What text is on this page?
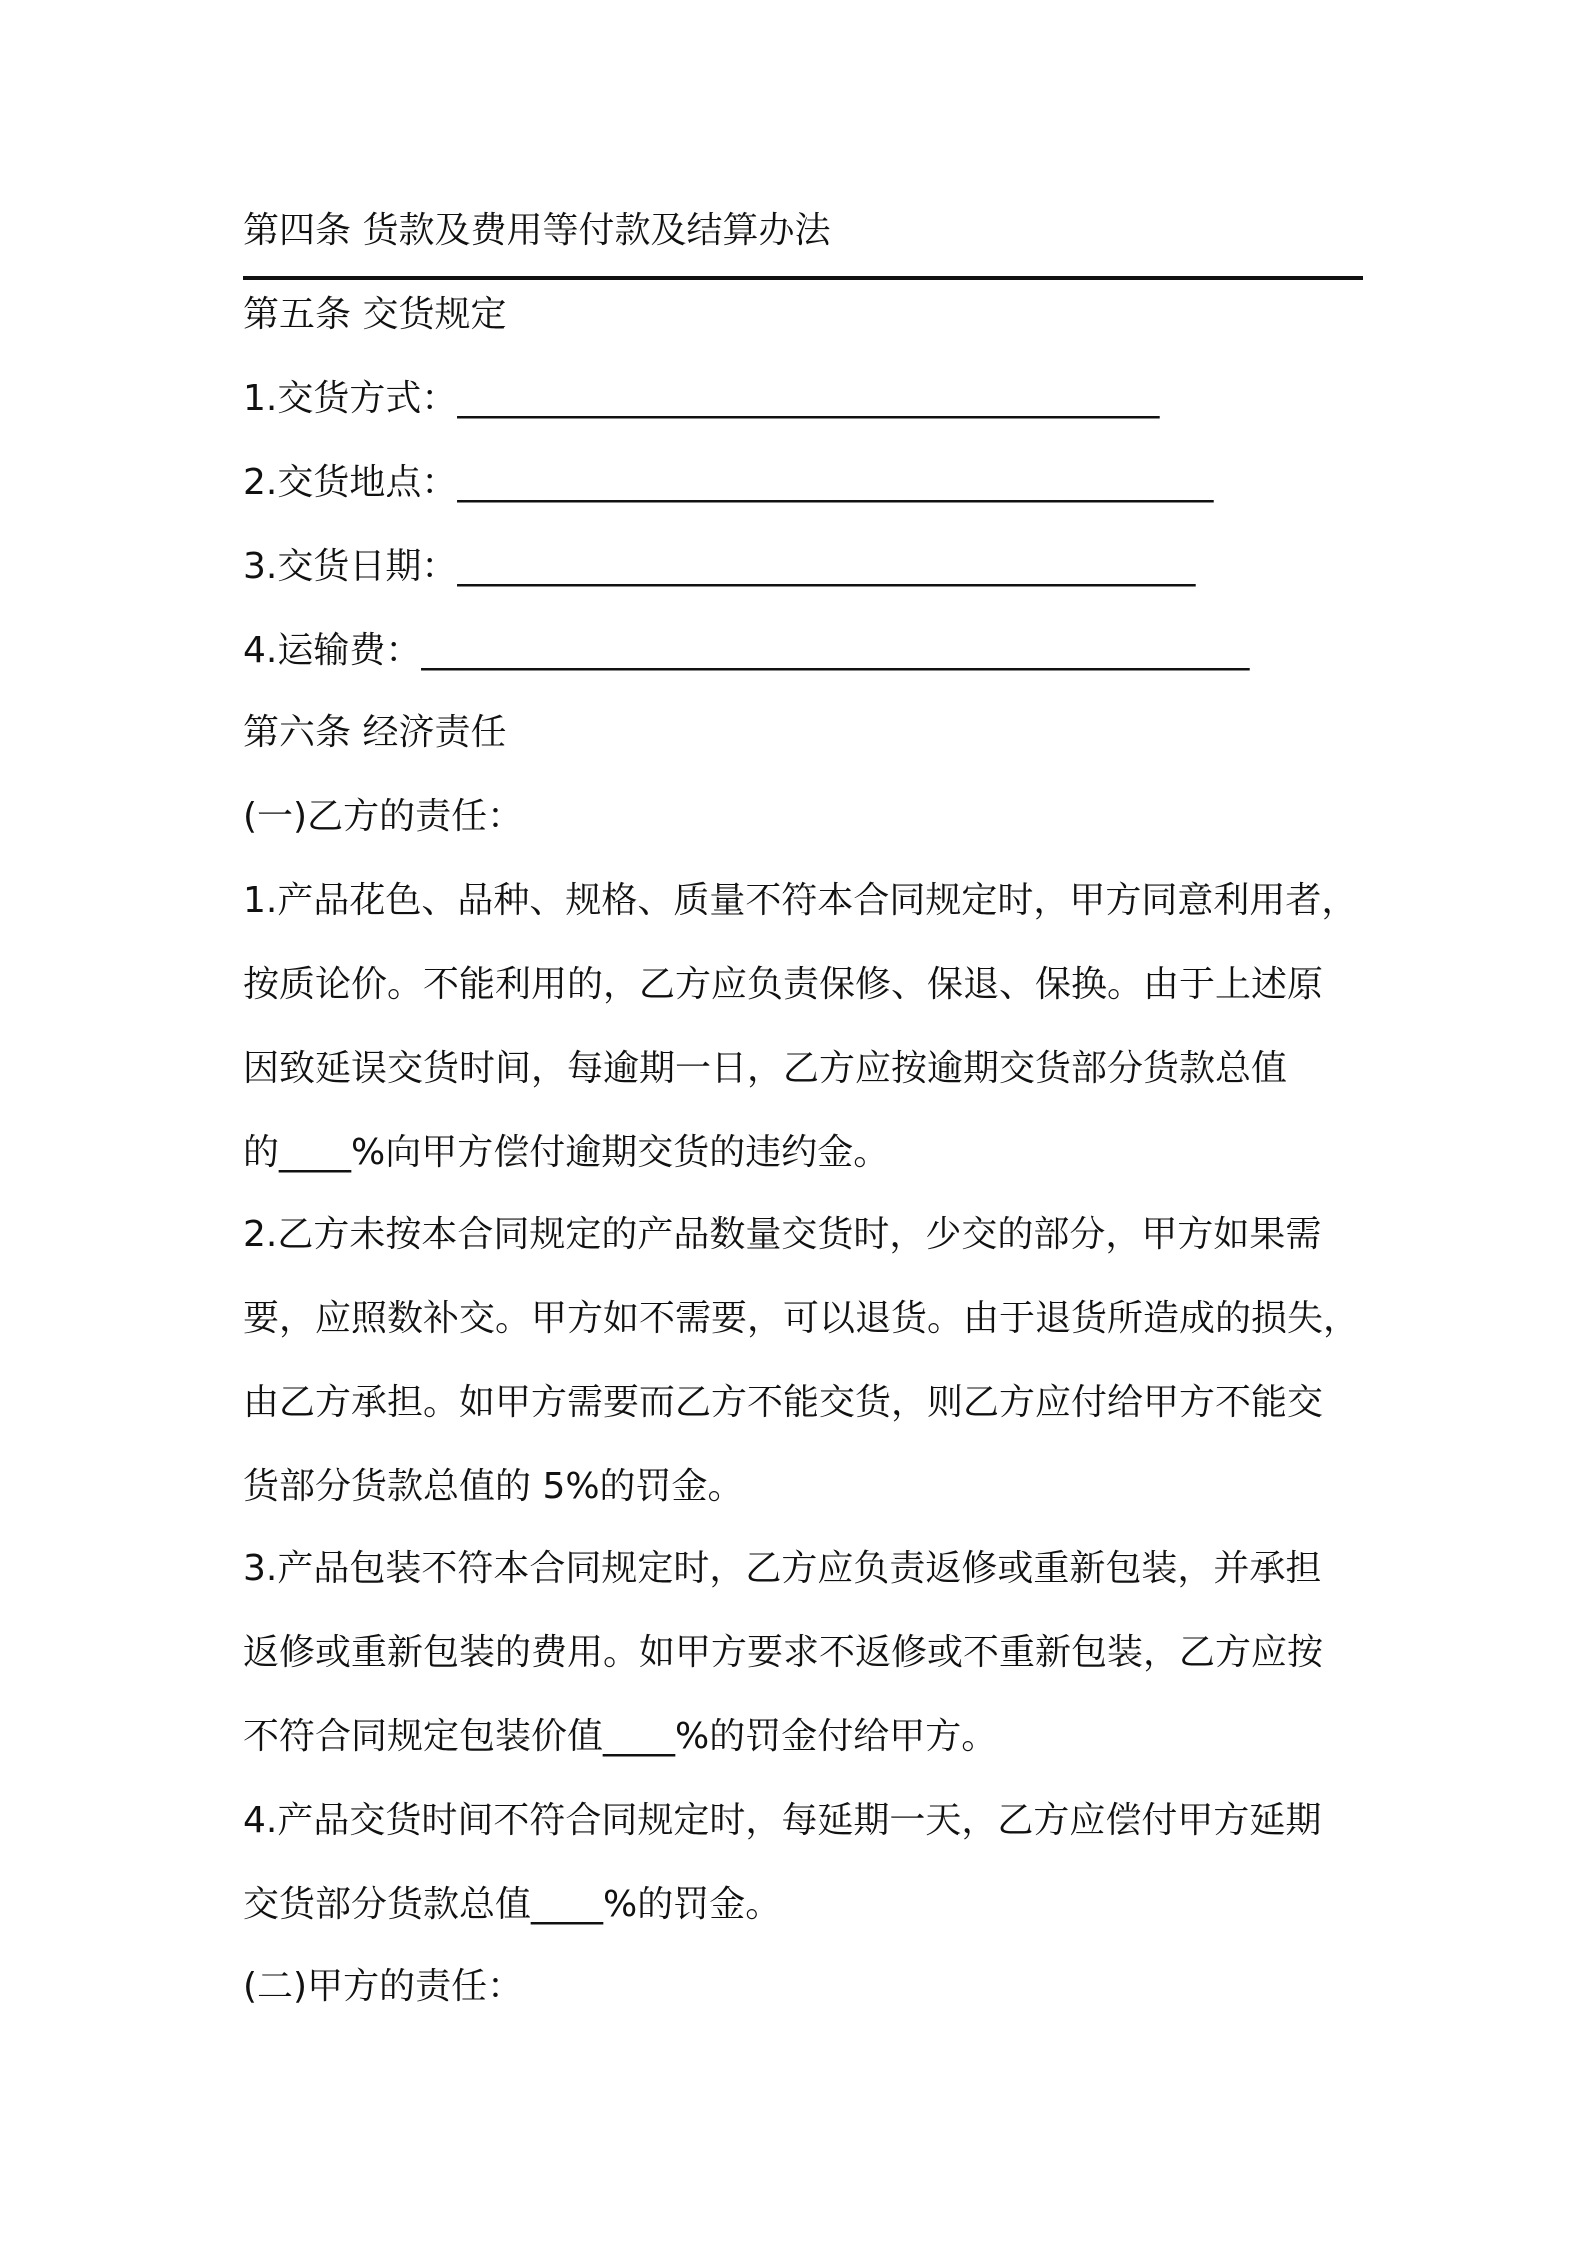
第四条 货款及费用等付款及结算办法
第五条 交货规定
1.交货方式：_______________________________________
2.交货地点：__________________________________________
3.交货日期：_________________________________________
4.运输费：______________________________________________
第六条 经济责任
(一)乙方的责任：
1.产品花色、品种、规格、质量不符本合同规定时，甲方同意利用者，
按质论价。不能利用的，乙方应负责保修、保退、保换。由于上述原
因致延误交货时间，每逾期一日，乙方应按逾期交货部分货款总值
的____%向甲方偿付逾期交货的违约金。
2.乙方未按本合同规定的产品数量交货时，少交的部分，甲方如果需
要，应照数补交。甲方如不需要，可以退货。由于退货所造成的损失，
由乙方承担。如甲方需要而乙方不能交货，则乙方应付给甲方不能交
货部分货款总值的 5%的罚金。
3.产品包装不符本合同规定时，乙方应负责返修或重新包装，并承担
返修或重新包装的费用。如甲方要求不返修或不重新包装，乙方应按
不符合同规定包装价值____%的罚金付给甲方。
4.产品交货时间不符合同规定时，每延期一天，乙方应偿付甲方延期
交货部分货款总值____%的罚金。
(二)甲方的责任：
